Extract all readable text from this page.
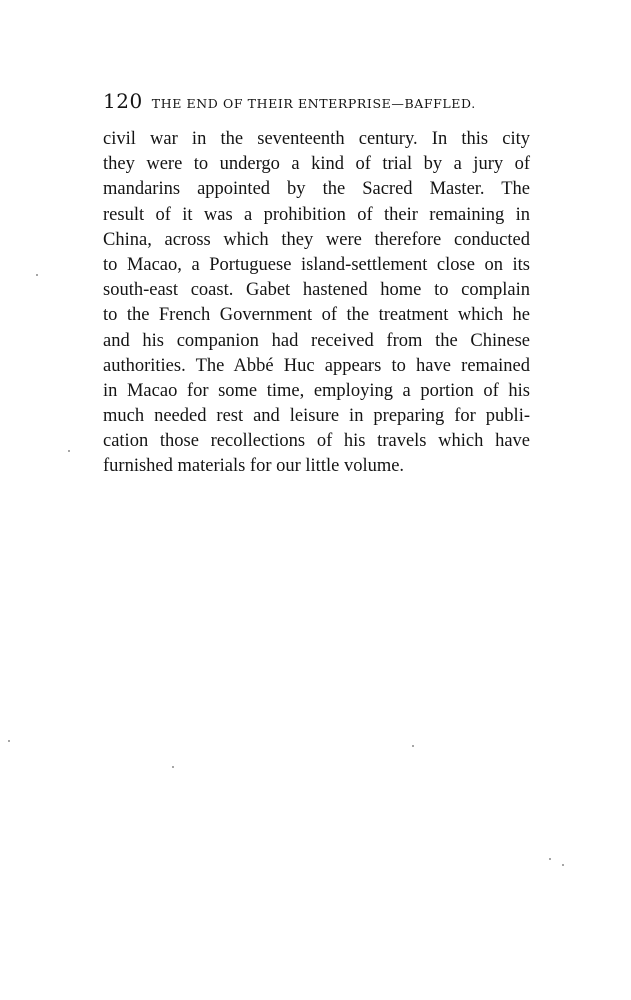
120 THE END OF THEIR ENTERPRISE—BAFFLED.
civil war in the seventeenth century. In this city
they were to undergo a kind of trial by a jury of
mandarins appointed by the Sacred Master. The
result of it was a prohibition of their remaining in
China, across which they were therefore conducted
to Macao, a Portuguese island-settlement close on its
south-east coast. Gabet hastened home to complain
to the French Government of the treatment which he
and his companion had received from the Chinese
authorities. The Abbé Huc appears to have remained
in Macao for some time, employing a portion of his
much needed rest and leisure in preparing for publi-
cation those recollections of his travels which have
furnished materials for our little volume.
